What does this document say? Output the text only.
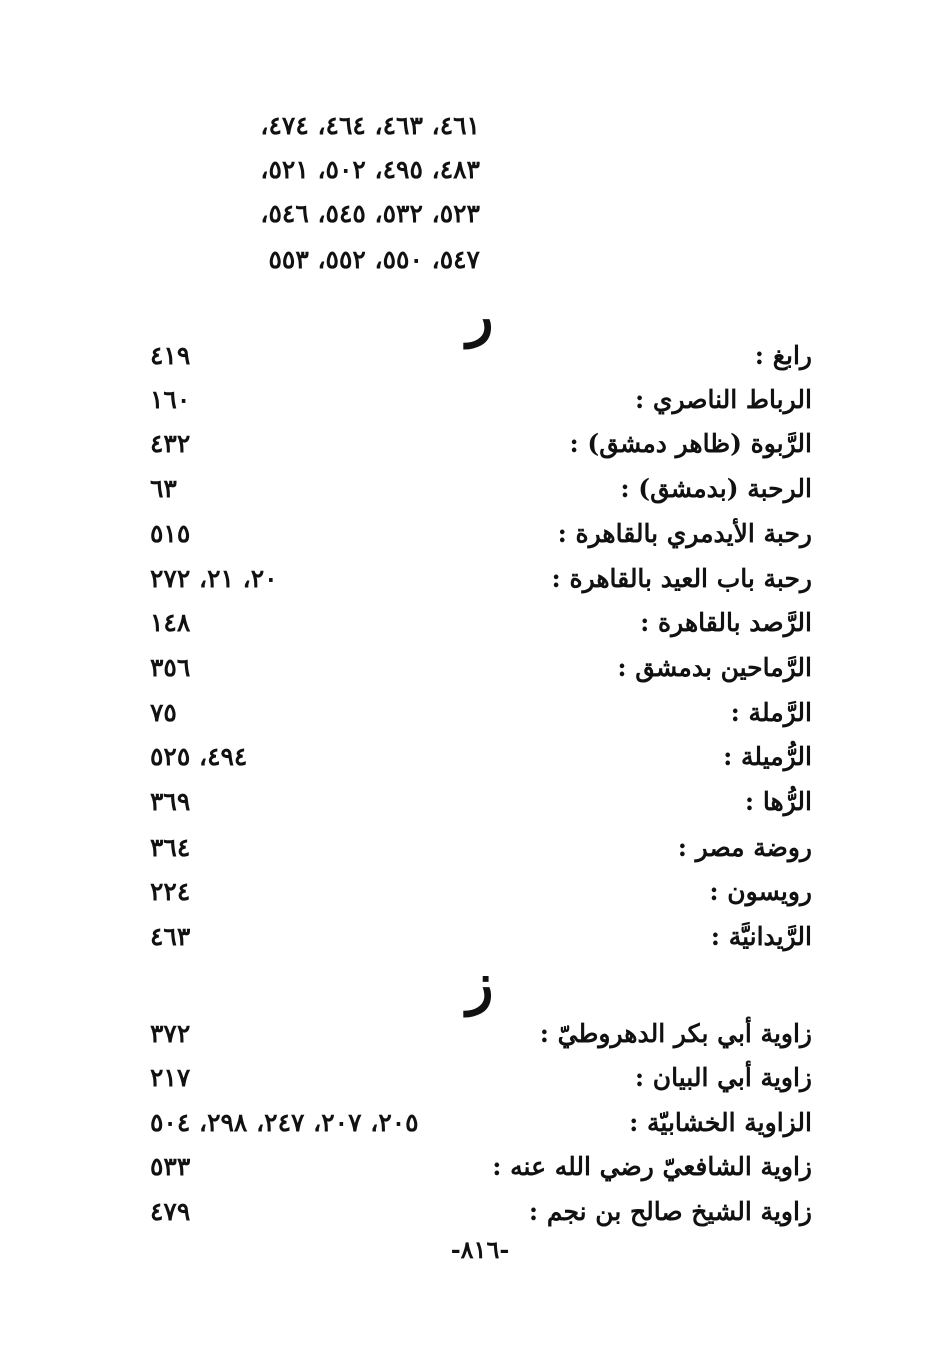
٤٦١، ٤٦٣، ٤٦٤، ٤٧٤،
٤٨٣، ٤٩٥، ٥٠٢، ٥٢١،
٥٢٣، ٥٣٢، ٥٤٥، ٥٤٦،
٥٤٧، ٥٥٠، ٥٥٢، ٥٥٣
ر
رابغ :
٤١٩
الرباط الناصري :
١٦٠
الرَّبوة (ظاهر دمشق) :
٤٣٢
الرحبة (بدمشق) :
٦٣
رحبة الأيدمري بالقاهرة :
٥١٥
رحبة باب العيد بالقاهرة :
٢٠، ٢١، ٢٧٢
الرَّصد بالقاهرة :
١٤٨
الرَّماحين بدمشق :
٣٥٦
الرَّملة :
٧٥
الرُّميلة :
٤٩٤، ٥٢٥
الرُّها :
٣٦٩
روضة مصر :
٣٦٤
رويسون :
٢٢٤
الرَّيدانيَّة :
٤٦٣
ز
زاوية أبي بكر الدهروطيّ :
٣٧٢
زاوية أبي البيان :
٢١٧
الزاوية الخشابيّة :
٢٠٥، ٢٠٧، ٢٤٧، ٢٩٨، ٥٠٤
زاوية الشافعيّ رضي الله عنه :
٥٣٣
زاوية الشيخ صالح بن نجم :
٤٧٩
-٨١٦-
